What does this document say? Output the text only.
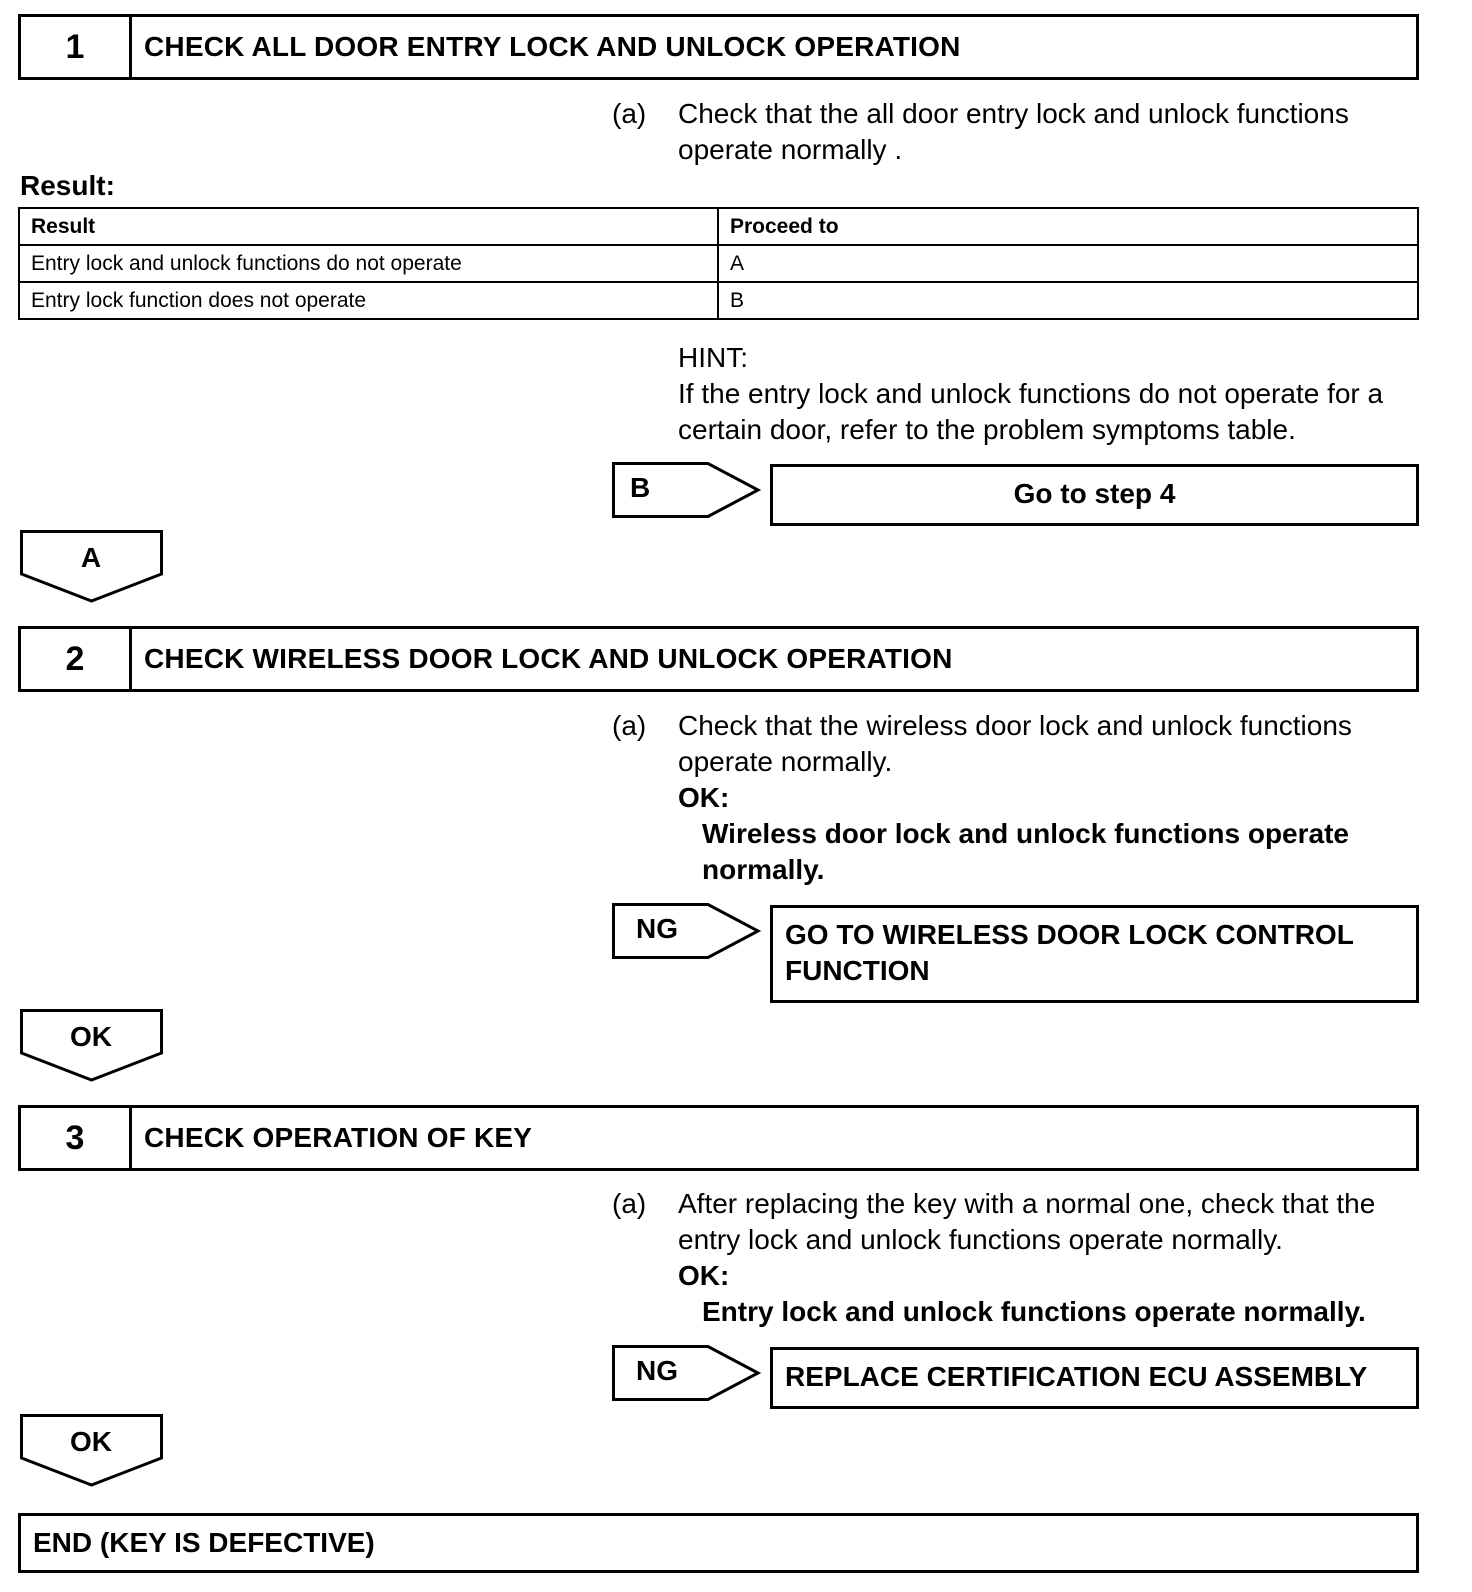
1	CHECK ALL DOOR ENTRY LOCK AND UNLOCK OPERATION
(a) Check that the all door entry lock and unlock functions
operate normally .
Result:
Result	Proceed to
Entry lock and unlock functions do not operate	A
Entry lock function does not operate	B
HINT:
If the entry lock and unlock functions do not operate for a
certain door, refer to the problem symptoms table.
B	Go to step 4
A
2	CHECK WIRELESS DOOR LOCK AND UNLOCK OPERATION
(a) Check that the wireless door lock and unlock functions
operate normally.
OK:
Wireless door lock and unlock functions operate
normally.
NG	GO TO WIRELESS DOOR LOCK CONTROL
FUNCTION
OK
3	CHECK OPERATION OF KEY
(a) After replacing the key with a normal one, check that the
entry lock and unlock functions operate normally.
OK:
Entry lock and unlock functions operate normally.
NG	REPLACE CERTIFICATION ECU ASSEMBLY
OK
END (KEY IS DEFECTIVE)
